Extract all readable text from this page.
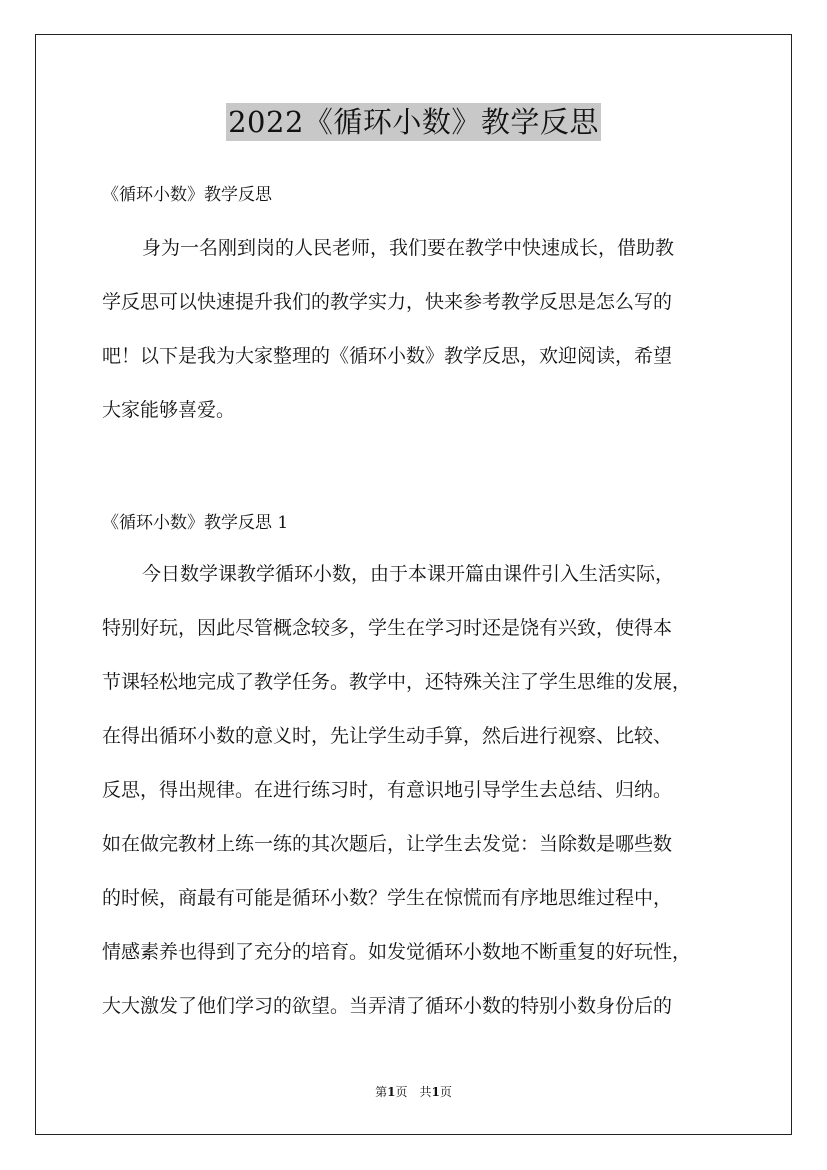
2022《循环小数》教学反思
《循环小数》教学反思
身为一名刚到岗的人民老师，我们要在教学中快速成长，借助教
学反思可以快速提升我们的教学实力，快来参考教学反思是怎么写的
吧！以下是我为大家整理的《循环小数》教学反思，欢迎阅读，希望
大家能够喜爱。
《循环小数》教学反思 1
今日数学课教学循环小数，由于本课开篇由课件引入生活实际，
特别好玩，因此尽管概念较多，学生在学习时还是饶有兴致，使得本
节课轻松地完成了教学任务。教学中，还特殊关注了学生思维的发展，
在得出循环小数的意义时，先让学生动手算，然后进行视察、比较、
反思，得出规律。在进行练习时，有意识地引导学生去总结、归纳。
如在做完教材上练一练的其次题后，让学生去发觉：当除数是哪些数
的时候，商最有可能是循环小数？学生在惊慌而有序地思维过程中，
情感素养也得到了充分的培育。如发觉循环小数地不断重复的好玩性，
大大激发了他们学习的欲望。当弄清了循环小数的特别小数身份后的
第1页　共1页
